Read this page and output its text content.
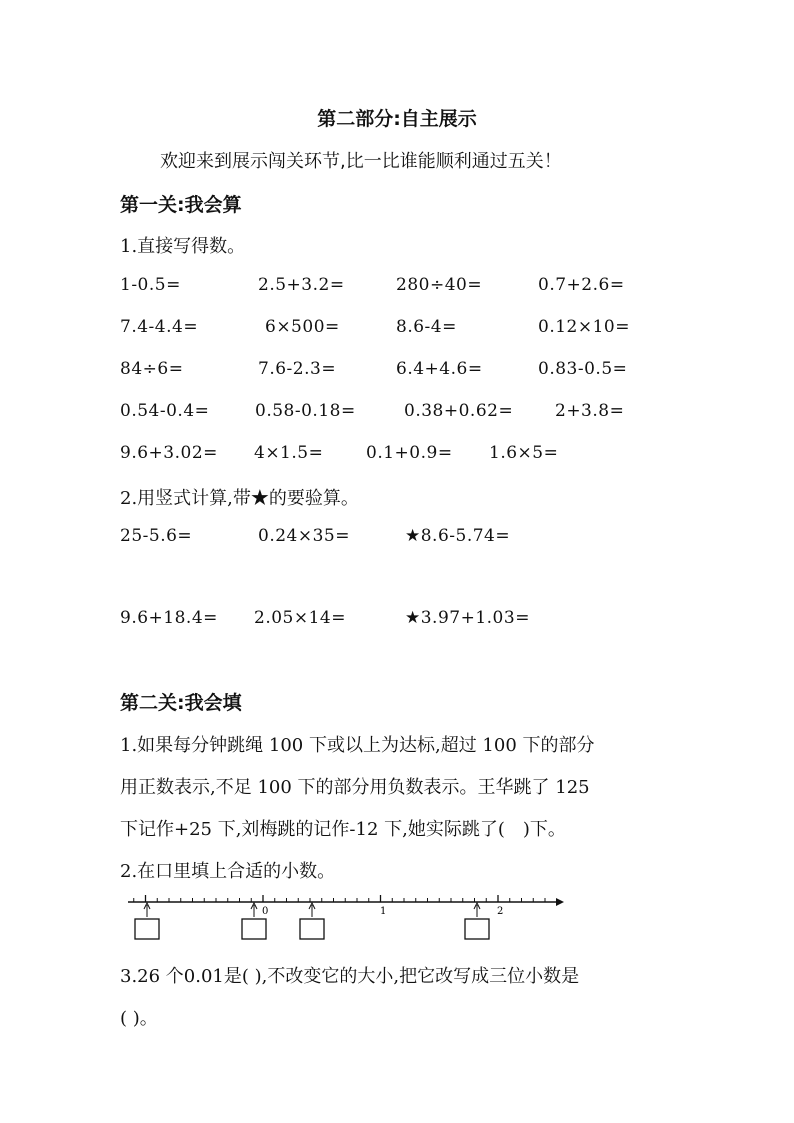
第二部分:自主展示
欢迎来到展示闯关环节,比一比谁能顺利通过五关！
第一关:我会算
1.直接写得数。
1-0.5=	2.5+3.2=	280÷40=	0.7+2.6=
7.4-4.4=	6×500=	8.6-4=	0.12×10=
84÷6=	7.6-2.3=	6.4+4.6=	0.83-0.5=
0.54-0.4=	0.58-0.18=	0.38+0.62= 2+3.8=
9.6+3.02= 4×1.5=	0.1+0.9= 1.6×5=
2.用竖式计算,带★的要验算。
25-5.6=	0.24×35=	★8.6-5.74=
9.6+18.4= 2.05×14=	★3.97+1.03=
第二关:我会填
1.如果每分钟跳绳 100 下或以上为达标,超过 100 下的部分
用正数表示,不足 100 下的部分用负数表示。王华跳了 125
下记作+25 下,刘梅跳的记作-12 下,她实际跳了(　)下。
2.在口里填上合适的小数。
0	1	2
3.26 个0.01是( ),不改变它的大小,把它改写成三位小数是
( )。
